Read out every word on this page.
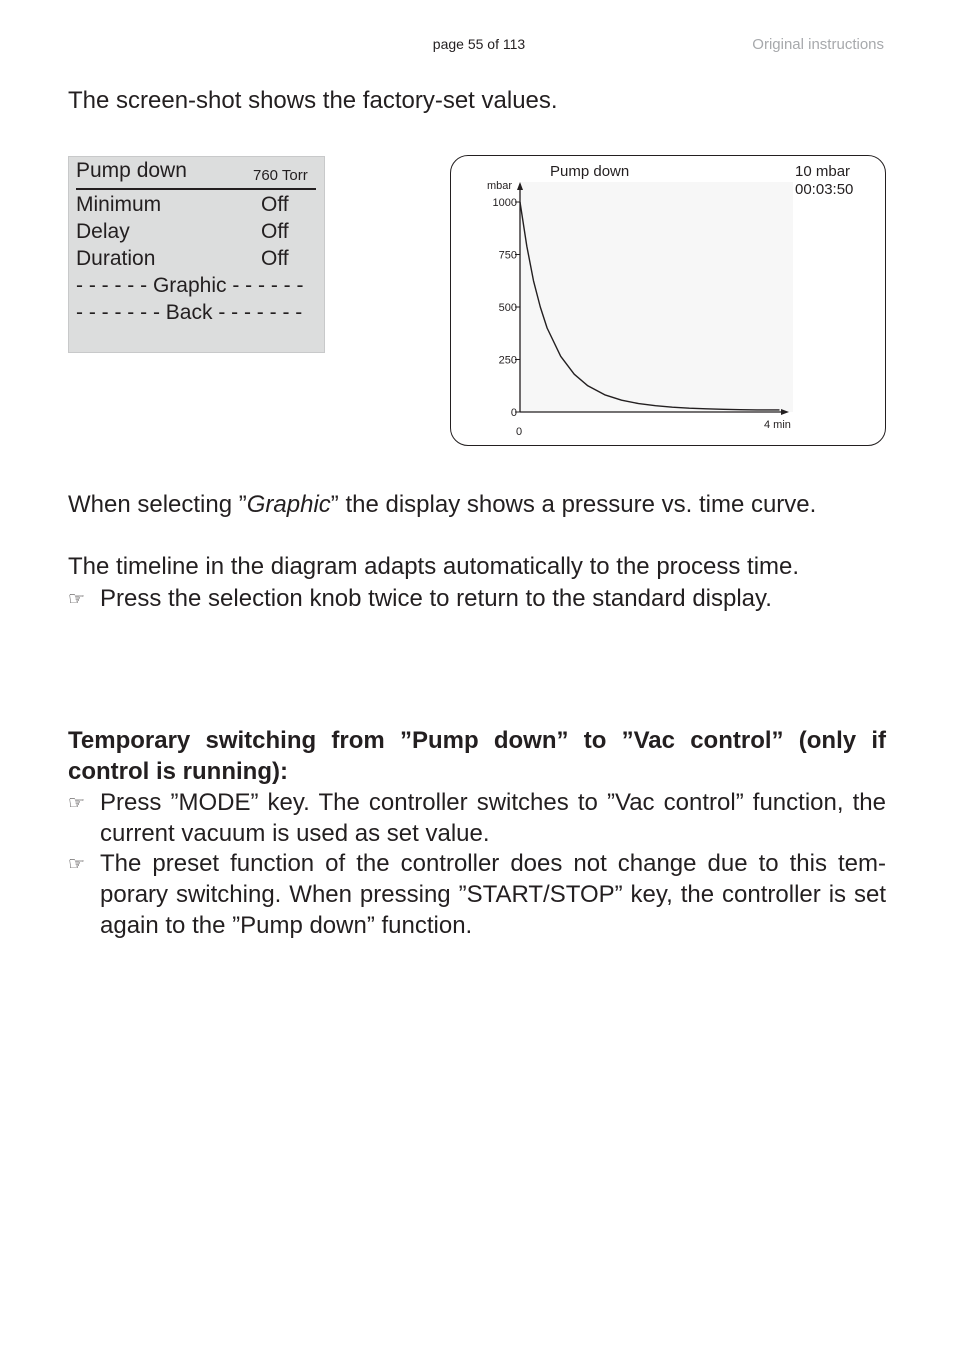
page 55 of 113	Original instructions
The screen-shot shows the factory-set values.
Pump down	760 Torr
Minimum	Off
Delay	Off
Duration	Off
- - - - - - Graphic - - - - - -
- - - - - - - Back - - - - - - -
Pump down	10 mbar
00:03:50
mbar
0
250
500
750
1000
0
4 min
When selecting ”Graphic” the display shows a pressure vs. time curve.
The timeline in the diagram adapts automatically to the process time.
☞ Press the selection knob twice to return to the standard display.
Temporary switching from ”Pump down” to ”Vac control” (only if control is running):
☞ Press ”MODE” key. The controller switches to ”Vac control” function, the current vacuum is used as set value.
☞ The preset function of the controller does not change due to this temporary switching. When pressing ”START/STOP” key, the controller is set again to the ”Pump down” function.
